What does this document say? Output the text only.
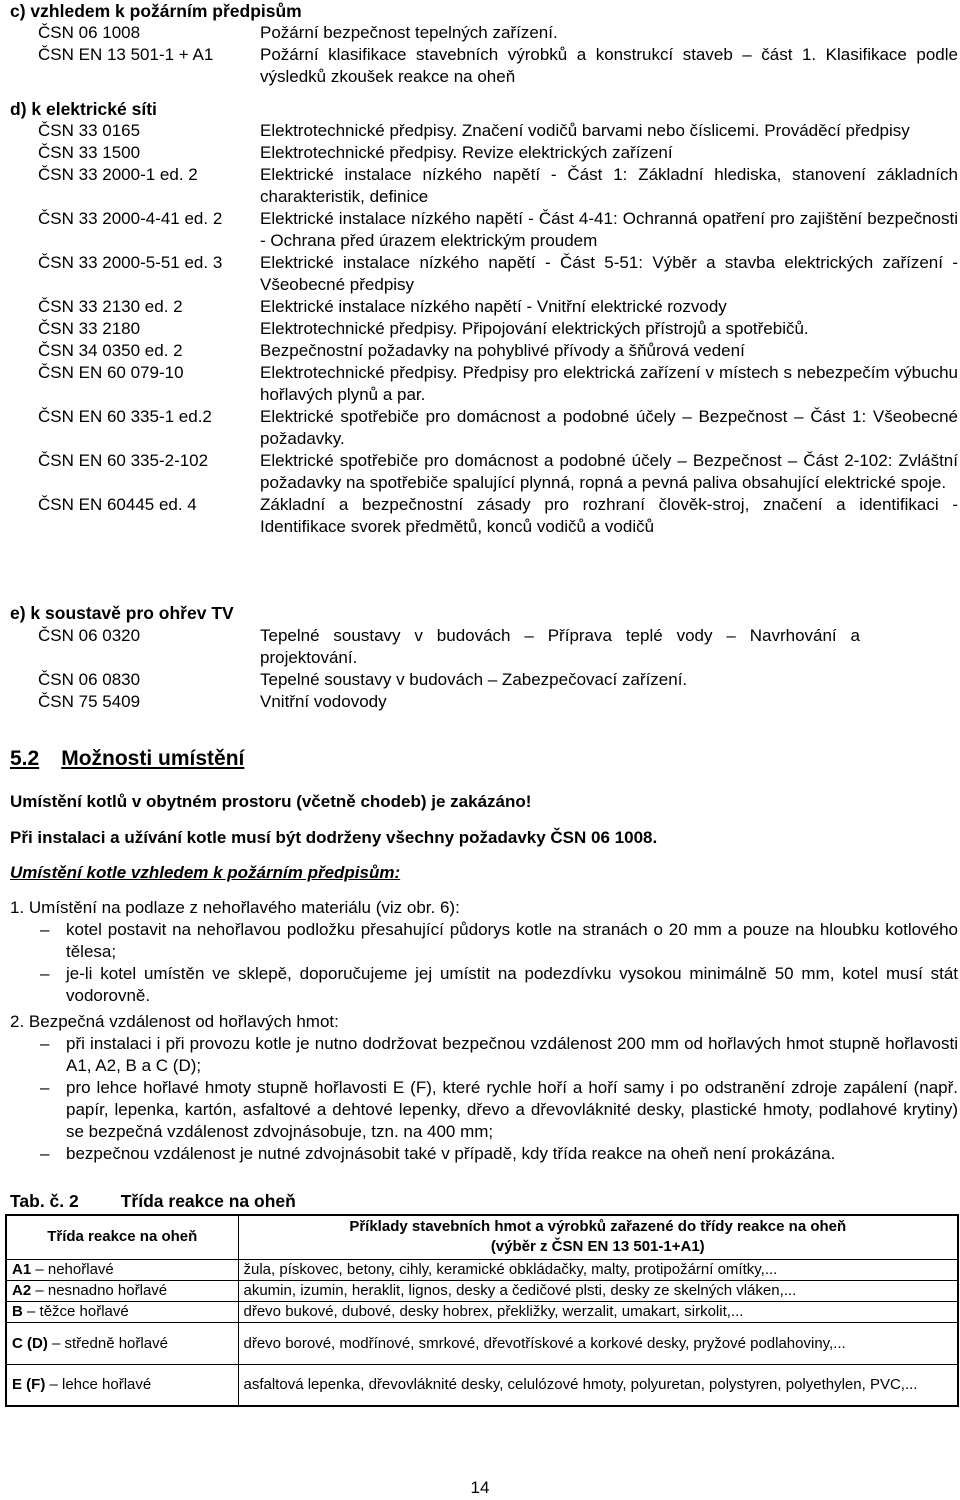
c) vzhledem k požárním předpisům
ČSN 06 1008	Požární bezpečnost tepelných zařízení.
ČSN EN 13 501-1 + A1	Požární klasifikace stavebních výrobků a konstrukcí staveb – část 1. Klasifikace podle výsledků zkoušek reakce na oheň
d) k elektrické síti
ČSN 33 0165	Elektrotechnické předpisy. Značení vodičů barvami nebo číslicemi. Prováděcí předpisy
ČSN 33 1500	Elektrotechnické předpisy. Revize elektrických zařízení
ČSN 33 2000-1 ed. 2	Elektrické instalace nízkého napětí - Část 1: Základní hlediska, stanovení základních charakteristik, definice
ČSN 33 2000-4-41 ed. 2	Elektrické instalace nízkého napětí - Část 4-41: Ochranná opatření pro zajištění bezpečnosti - Ochrana před úrazem elektrickým proudem
ČSN 33 2000-5-51 ed. 3	Elektrické instalace nízkého napětí - Část 5-51: Výběr a stavba elektrických zařízení - Všeobecné předpisy
ČSN 33 2130 ed. 2	Elektrické instalace nízkého napětí - Vnitřní elektrické rozvody
ČSN 33 2180	Elektrotechnické předpisy. Připojování elektrických přístrojů a spotřebičů.
ČSN 34 0350 ed. 2	Bezpečnostní požadavky na pohyblivé přívody a šňůrová vedení
ČSN EN 60 079-10	Elektrotechnické předpisy. Předpisy pro elektrická zařízení v místech s nebezpečím výbuchu hořlavých plynů a par.
ČSN EN 60 335-1 ed.2	Elektrické spotřebiče pro domácnost a podobné účely – Bezpečnost – Část 1: Všeobecné požadavky.
ČSN EN 60 335-2-102	Elektrické spotřebiče pro domácnost a podobné účely – Bezpečnost – Část 2-102: Zvláštní požadavky na spotřebiče spalující plynná, ropná a pevná paliva obsahující elektrické spoje.
ČSN EN 60445 ed. 4	Základní a bezpečnostní zásady pro rozhraní člověk-stroj, značení a identifikaci - Identifikace svorek předmětů, konců vodičů a vodičů
e) k soustavě pro ohřev TV
ČSN 06 0320	Tepelné soustavy v budovách – Příprava teplé vody – Navrhování a projektování.
ČSN 06 0830	Tepelné soustavy v budovách – Zabezpečovací zařízení.
ČSN 75 5409	Vnitřní vodovody
5.2 Možnosti umístění
Umístění kotlů v obytném prostoru (včetně chodeb) je zakázáno!
Při instalaci a užívání kotle musí být dodrženy všechny požadavky ČSN 06 1008.
Umístění kotle vzhledem k požárním předpisům:
1. Umístění na podlaze z nehořlavého materiálu (viz obr. 6):
– kotel postavit na nehořlavou podložku přesahující půdorys kotle na stranách o 20 mm a pouze na hloubku kotlového tělesa;
– je-li kotel umístěn ve sklepě, doporučujeme jej umístit na podezdívku vysokou minimálně 50 mm, kotel musí stát vodorovně.
2. Bezpečná vzdálenost od hořlavých hmot:
– při instalaci i při provozu kotle je nutno dodržovat bezpečnou vzdálenost 200 mm od hořlavých hmot stupně hořlavosti A1, A2, B a C (D);
– pro lehce hořlavé hmoty stupně hořlavosti E (F), které rychle hoří a hoří samy i po odstranění zdroje zapálení (např. papír, lepenka, kartón, asfaltové a dehtové lepenky, dřevo a dřevovláknité desky, plastické hmoty, podlahové krytiny) se bezpečná vzdálenost zdvojnásobuje, tzn. na 400 mm;
– bezpečnou vzdálenost je nutné zdvojnásobit také v případě, kdy třída reakce na oheň není prokázána.
Tab. č. 2 Třída reakce na oheň
Třída reakce na oheň	Příklady stavebních hmot a výrobků zařazené do třídy reakce na oheň
(výběr z ČSN EN 13 501-1+A1)

A1 – nehořlavé	žula, pískovec, betony, cihly, keramické obkládačky, malty, protipožární omítky,...
A2 – nesnadno hořlavé	akumin, izumin, heraklit, lignos, desky a čedičové plsti, desky ze skelných vláken,...
B – těžce hořlavé	dřevo bukové, dubové, desky hobrex, překližky, werzalit, umakart, sirkolit,...
C (D) – středně hořlavé	dřevo borové, modřínové, smrkové, dřevotřískové a korkové desky, pryžové podlahoviny,...
E (F) – lehce hořlavé	asfaltová lepenka, dřevovláknité desky, celulózové hmoty, polyuretan, polystyren, polyethylen, PVC,...
14
